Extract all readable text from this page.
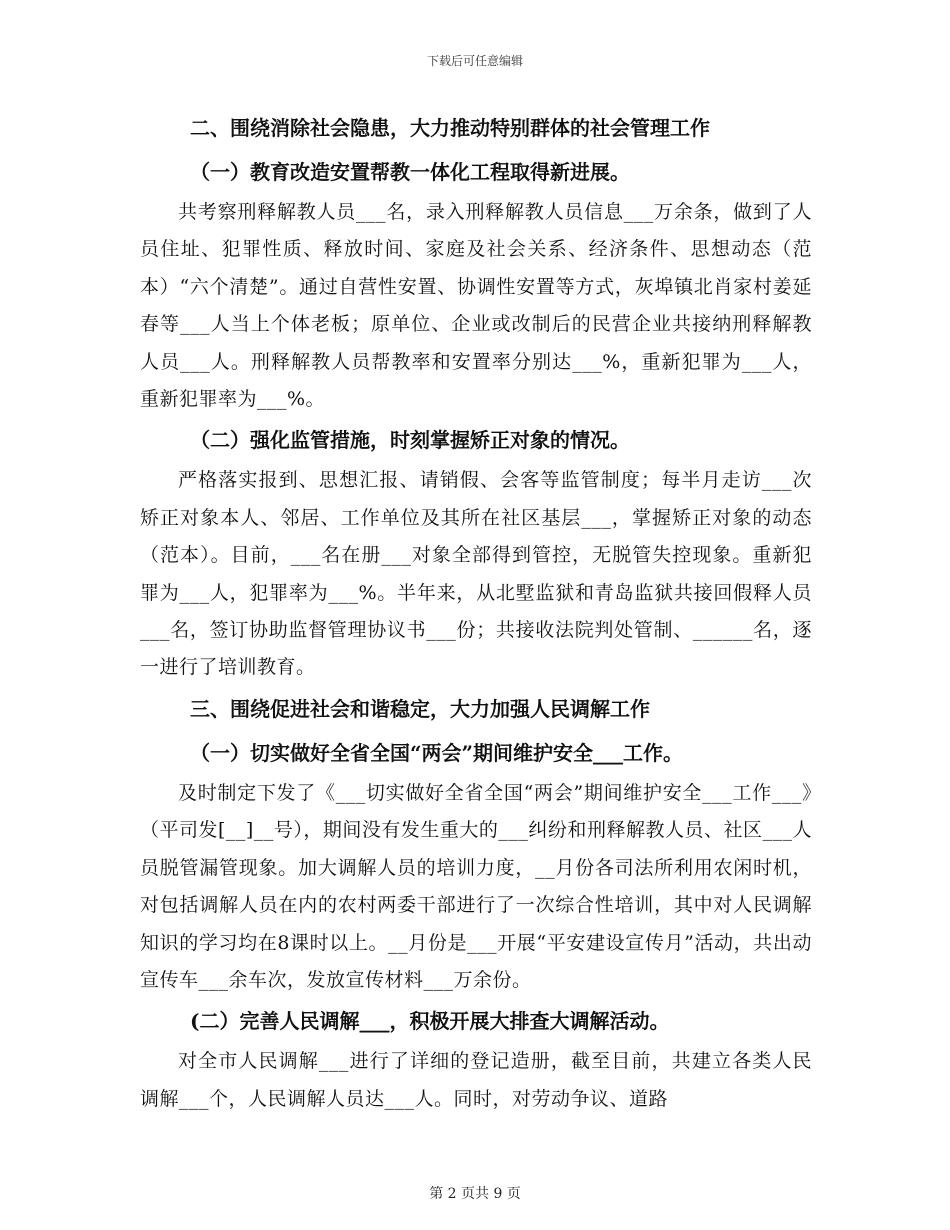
下载后可任意编辑

二、围绕消除社会隐患，大力推动特别群体的社会管理工作

（一）教育改造安置帮教一体化工程取得新进展。

共考察刑释解教人员___名，录入刑释解教人员信息___万余条，做到了人员住址、犯罪性质、释放时间、家庭及社会关系、经济条件、思想动态（范本）“六个清楚”。通过自营性安置、协调性安置等方式，灰埠镇北肖家村姜延春等___人当上个体老板；原单位、企业或改制后的民营企业共接纳刑释解教人员___人。刑释解教人员帮教率和安置率分别达___%，重新犯罪为___人，重新犯罪率为___%。

（二）强化监管措施，时刻掌握矫正对象的情况。

严格落实报到、思想汇报、请销假、会客等监管制度；每半月走访___次矫正对象本人、邻居、工作单位及其所在社区基层___，掌握矫正对象的动态（范本）。目前，___名在册___对象全部得到管控，无脱管失控现象。重新犯罪为___人，犯罪率为___%。半年来，从北墅监狱和青岛监狱共接回假释人员___名，签订协助监督管理协议书___份；共接收法院判处管制、______名，逐一进行了培训教育。

三、围绕促进社会和谐稳定，大力加强人民调解工作

（一）切实做好全省全国“两会”期间维护安全___工作。

及时制定下发了《___切实做好全省全国“两会”期间维护安全___工作___》（平司发[__]__号），期间没有发生重大的___纠纷和刑释解教人员、社区___人员脱管漏管现象。加大调解人员的培训力度，__月份各司法所利用农闲时机，对包括调解人员在内的农村两委干部进行了一次综合性培训，其中对人民调解知识的学习均在8课时以上。__月份是___开展“平安建设宣传月”活动，共出动宣传车___余车次，发放宣传材料___万余份。

(二）完善人民调解___，积极开展大排查大调解活动。

对全市人民调解___进行了详细的登记造册，截至目前，共建立各类人民调解___个，人民调解人员达___人。同时，对劳动争议、道路

第 2 页共 9 页
